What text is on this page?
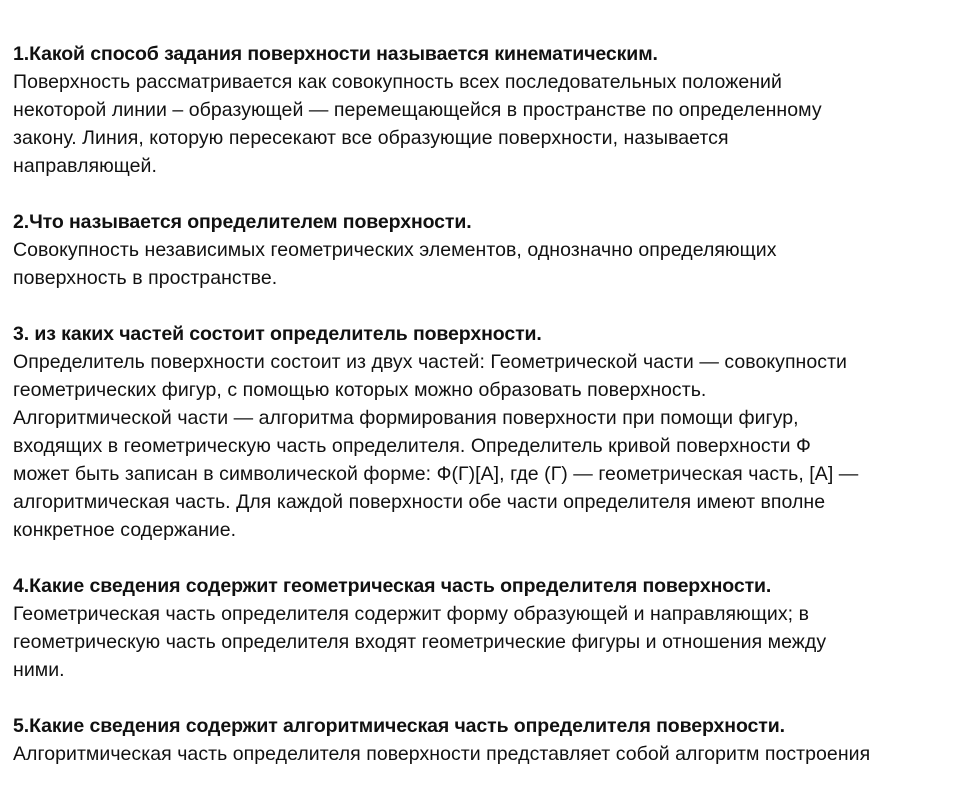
1.Какой способ задания поверхности называется кинематическим.

Поверхность рассматривается как совокупность всех последовательных положений
некоторой линии – образующей — перемещающейся в пространстве по определенному
закону. Линия, которую пересекают все образующие поверхности, называется
направляющей.

2.Что называется определителем поверхности.

Совокупность независимых геометрических элементов, однозначно определяющих
поверхность в пространстве.

3. из каких частей состоит определитель поверхности.

Определитель поверхности состоит из двух частей: Геометрической части — совокупности
геометрических фигур, с помощью которых можно образовать поверхность.
Алгоритмической части — алгоритма формирования поверхности при помощи фигур,
входящих в геометрическую часть определителя. Определитель кривой поверхности Ф
может быть записан в символической форме: Ф(Г)[А], где (Г) — геометрическая часть, [А] —
алгоритмическая часть. Для каждой поверхности обе части определителя имеют вполне
конкретное содержание.

4.Какие сведения содержит геометрическая часть определителя поверхности.

Геометрическая часть определителя содержит форму образующей и направляющих; в
геометрическую часть определителя входят геометрические фигуры и отношения между
ними.

5.Какие сведения содержит алгоритмическая часть определителя поверхности.

Алгоритмическая часть определителя поверхности представляет собой алгоритм построения
